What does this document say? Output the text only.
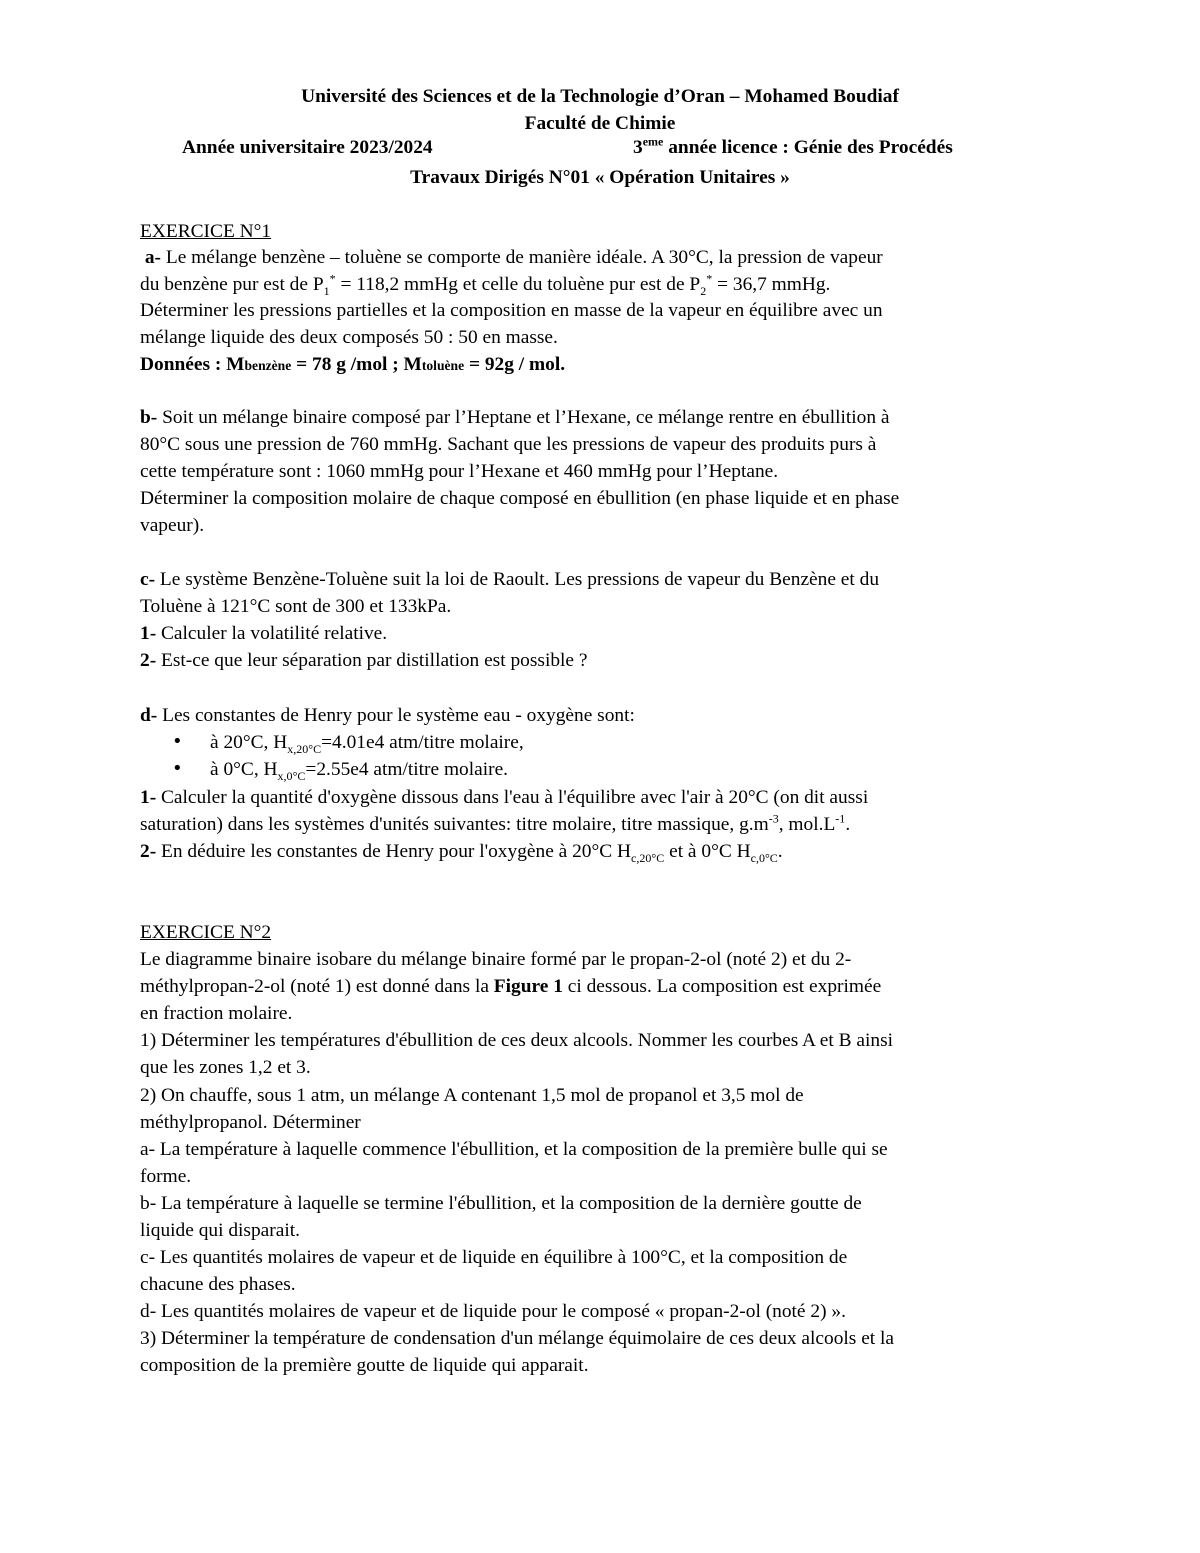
Université des Sciences et de la Technologie d’Oran – Mohamed Boudiaf
Faculté de Chimie
Année universitaire 2023/2024	3eme année licence : Génie des Procédés
Travaux Dirigés N°01 « Opération Unitaires »
EXERCICE N°1
a- Le mélange benzène – toluène se comporte de manière idéale. A 30°C, la pression de vapeur
du benzène pur est de $P_1^* = 118,2$ mmHg et celle du toluène pur est de $P_2^* = 36,7$ mmHg.
Déterminer les pressions partielles et la composition en masse de la vapeur en équilibre avec un
mélange liquide des deux composés 50 : 50 en masse.
Données : Mbenzène = 78 g /mol ; Mtoluène = 92g / mol.
b- Soit un mélange binaire composé par l’Heptane et l’Hexane, ce mélange rentre en ébullition à
80°C sous une pression de 760 mmHg. Sachant que les pressions de vapeur des produits purs à
cette température sont : 1060 mmHg pour l’Hexane et 460 mmHg pour l’Heptane.
Déterminer la composition molaire de chaque composé en ébullition (en phase liquide et en phase
vapeur).
c- Le système Benzène-Toluène suit la loi de Raoult. Les pressions de vapeur du Benzène et du
Toluène à 121°C sont de 300 et 133kPa.
1- Calculer la volatilité relative.
2- Est-ce que leur séparation par distillation est possible ?
d- Les constantes de Henry pour le système eau - oxygène sont:
• à 20°C, $H_{x,20^\circ C}=4.01e4$ atm/titre molaire,
• à 0°C, $H_{x,0^\circ C}=2.55e4$ atm/titre molaire.
1- Calculer la quantité d'oxygène dissous dans l'eau à l'équilibre avec l'air à 20°C (on dit aussi
saturation) dans les systèmes d'unités suivantes: titre molaire, titre massique, $g.m^{-3}$, $mol.L^{-1}$.
2- En déduire les constantes de Henry pour l'oxygène à 20°C $H_{c,20^\circ C}$ et à 0°C $H_{c,0^\circ C}$.
EXERCICE N°2
Le diagramme binaire isobare du mélange binaire formé par le propan-2-ol (noté 2) et du 2-
méthylpropan-2-ol (noté 1) est donné dans la Figure 1 ci dessous. La composition est exprimée
en fraction molaire.
1) Déterminer les températures d'ébullition de ces deux alcools. Nommer les courbes A et B ainsi
que les zones 1,2 et 3.
2) On chauffe, sous 1 atm, un mélange A contenant 1,5 mol de propanol et 3,5 mol de
méthylpropanol. Déterminer
a- La température à laquelle commence l'ébullition, et la composition de la première bulle qui se
forme.
b- La température à laquelle se termine l'ébullition, et la composition de la dernière goutte de
liquide qui disparait.
c- Les quantités molaires de vapeur et de liquide en équilibre à 100°C, et la composition de
chacune des phases.
d- Les quantités molaires de vapeur et de liquide pour le composé « propan-2-ol (noté 2) ».
3) Déterminer la température de condensation d'un mélange équimolaire de ces deux alcools et la
composition de la première goutte de liquide qui apparait.
